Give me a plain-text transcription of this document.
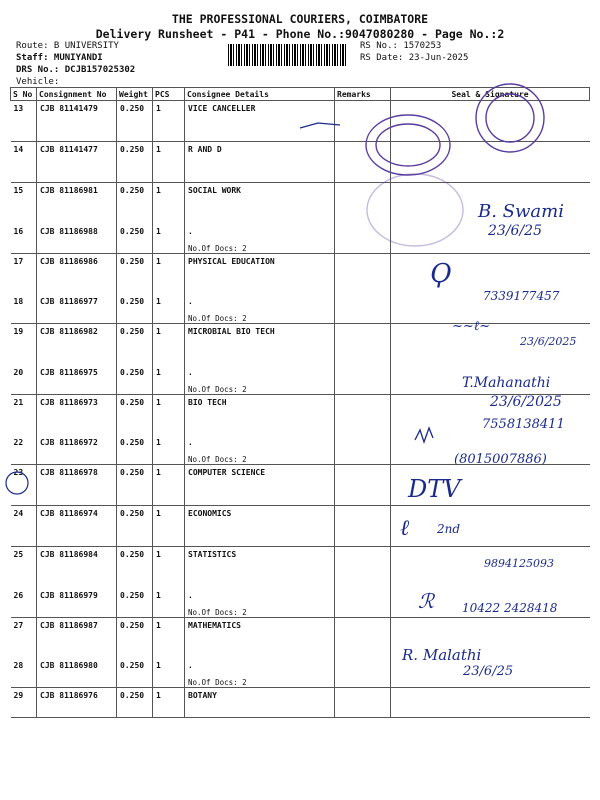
THE PROFESSIONAL COURIERS, COIMBATORE
Delivery Runsheet - P41 - Phone No.:9047080280 - Page No.:2
Route: B UNIVERSITY
Staff: MUNIYANDI
DRS No.: DCJB157025302
Vehicle:
RS No.: 1570253
RS Date: 23-Jun-2025
S No	Consignment No	Weight	PCS	Consignee Details	Remarks	Seal & Signature
13	CJB 81141479	0.250	1	VICE CANCELLER		
14	CJB 81141477	0.250	1	R AND D		
15	CJB 81186981	0.250	1	SOCIAL WORK		
16	CJB 81186988	0.250	1	.
No.Of Docs: 2		

17	CJB 81186986	0.250	1	PHYSICAL EDUCATION		
18	CJB 81186977	0.250	1	.
No.Of Docs: 2		

19	CJB 81186982	0.250	1	MICROBIAL BIO TECH		
20	CJB 81186975	0.250	1	.
No.Of Docs: 2		

21	CJB 81186973	0.250	1	BIO TECH		
22	CJB 81186972	0.250	1	.
No.Of Docs: 2		

23	CJB 81186978	0.250	1	COMPUTER SCIENCE		
24	CJB 81186974	0.250	1	ECONOMICS		
25	CJB 81186984	0.250	1	STATISTICS		
26	CJB 81186979	0.250	1	.
No.Of Docs: 2		

27	CJB 81186987	0.250	1	MATHEMATICS		
28	CJB 81186980	0.250	1	.
No.Of Docs: 2		

29	CJB 81186976	0.250	1	BOTANY		
B. Swami
23/6/25
Ϙ
7339177457
~~ℓ~
23/6/2025
T.Mahanathi
23/6/2025
7558138411
(8015007886)
DTV
ℓ 2nd
9894125093
ℛ 10422 2428418
R. Malathi
23/6/25
